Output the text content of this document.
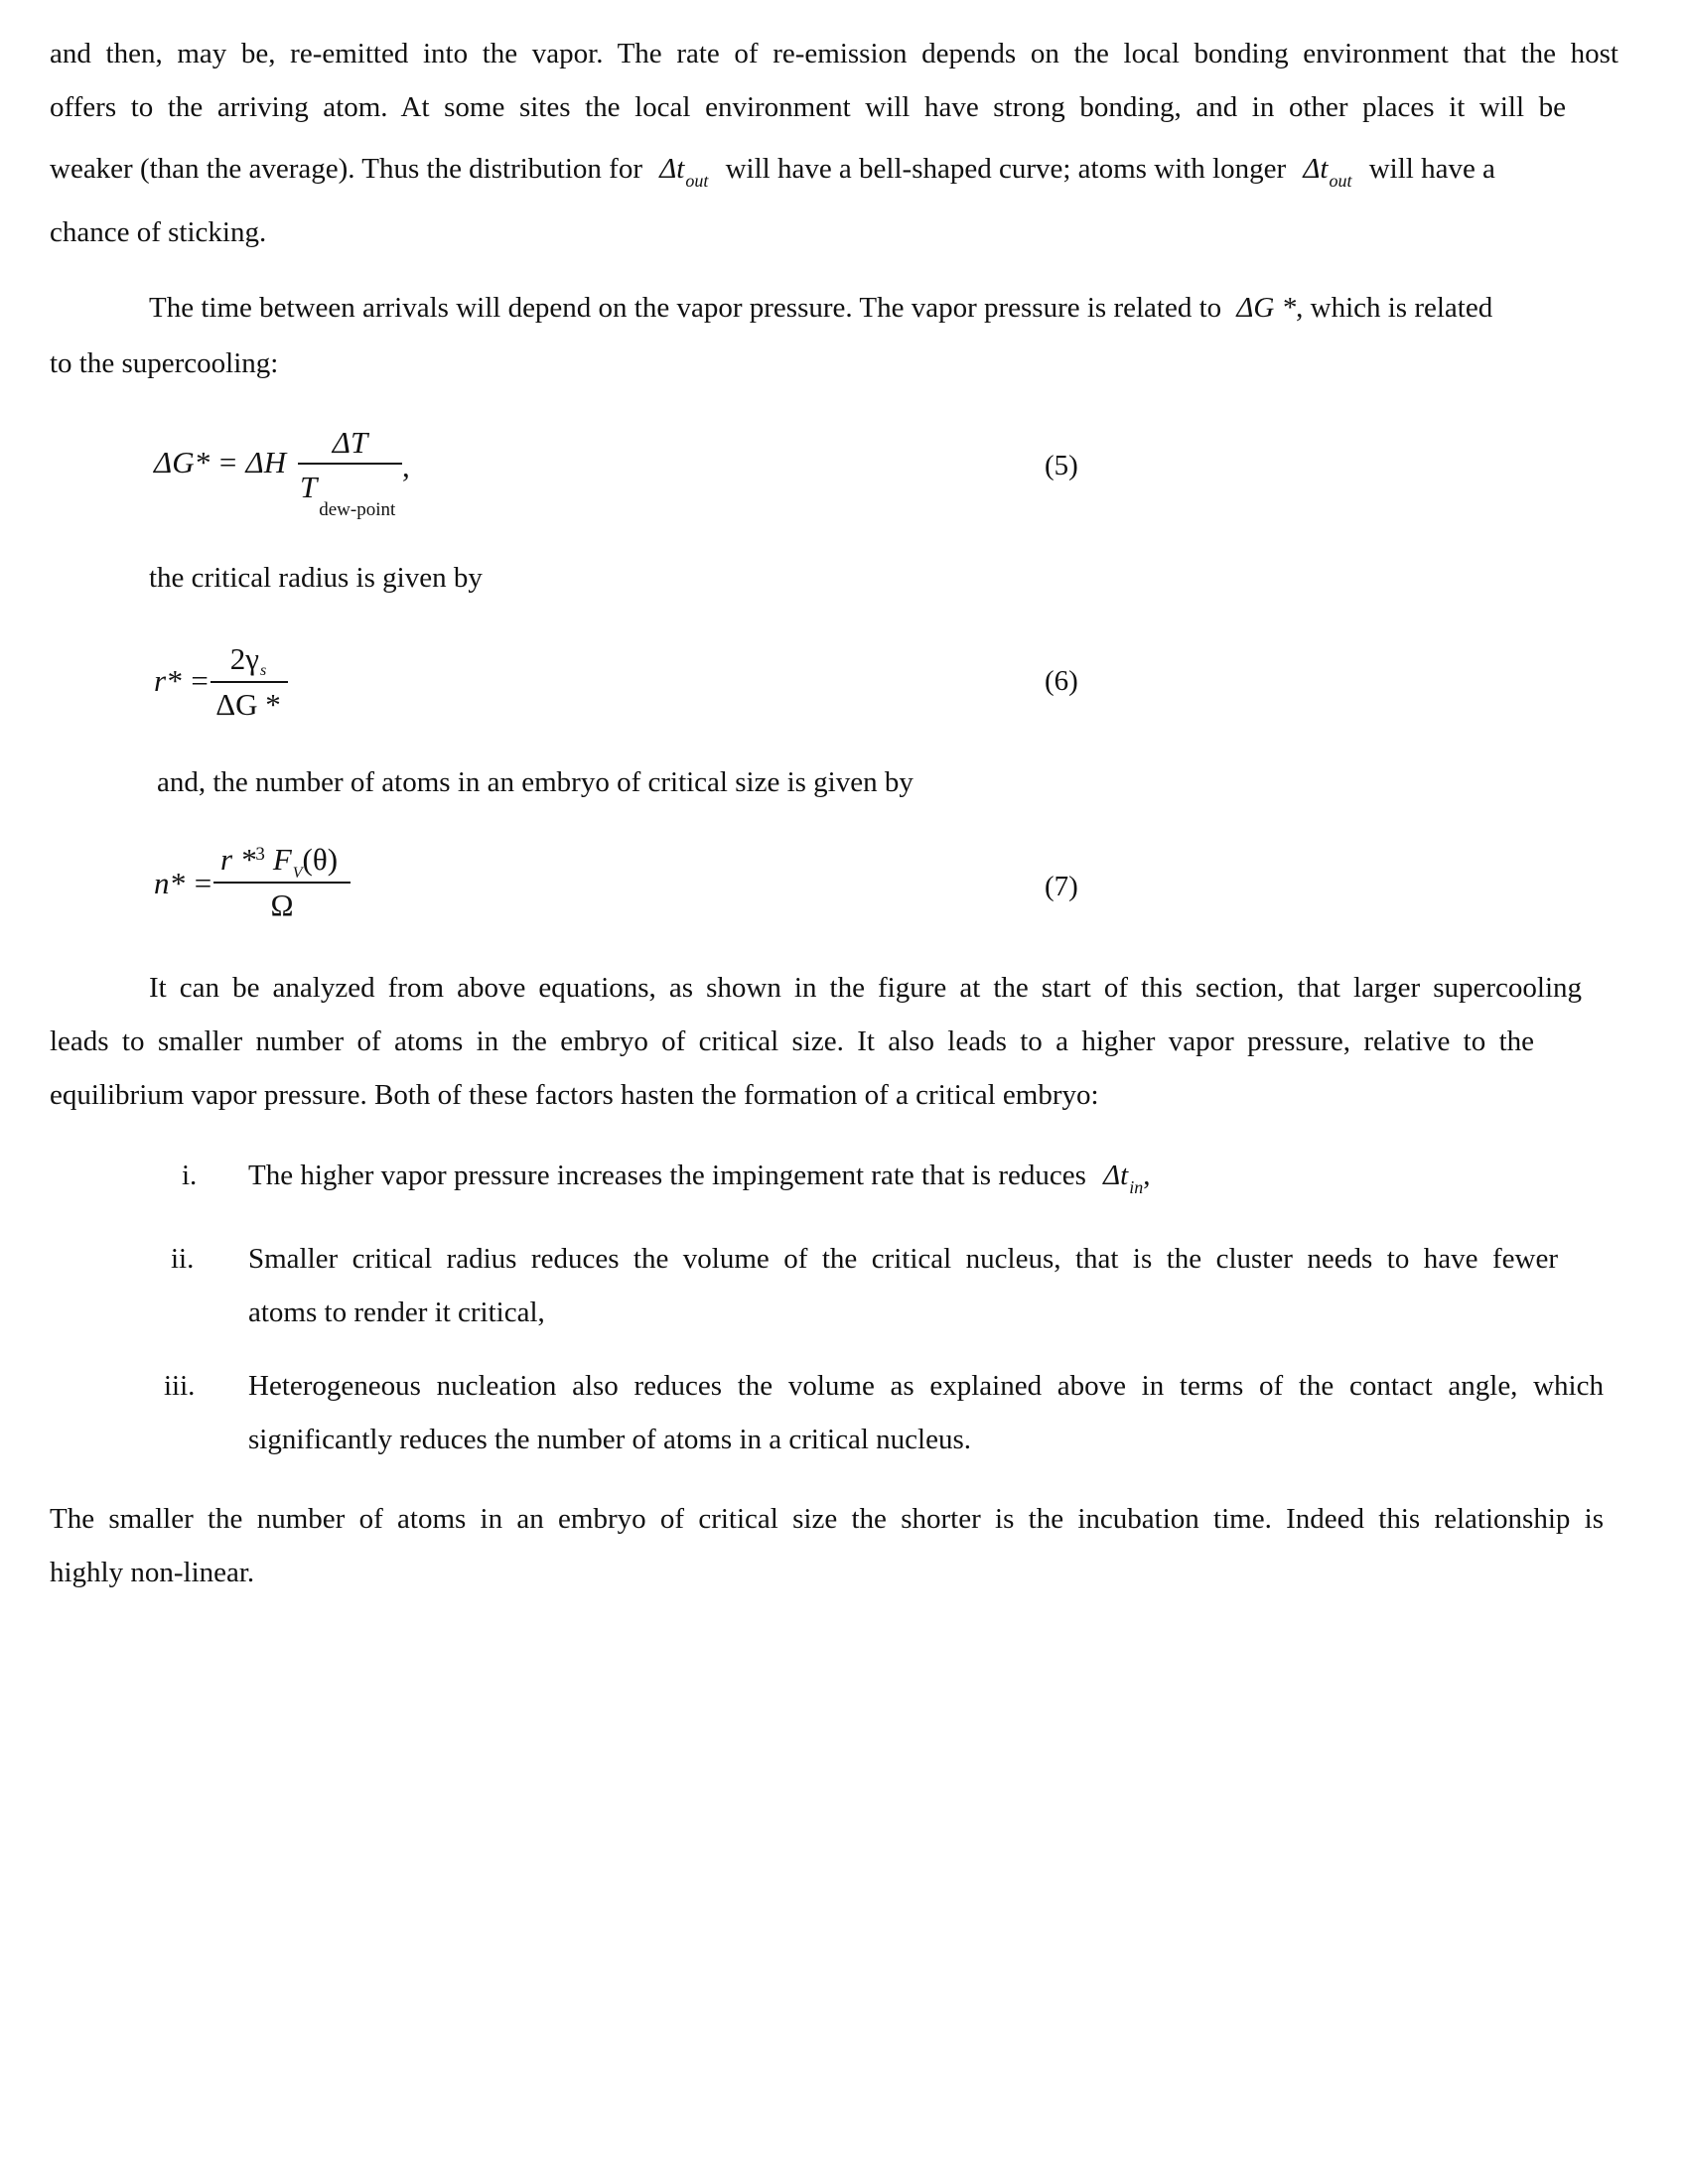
and then, may be, re-emitted into the vapor. The rate of re-emission depends on the local bonding environment that the host
offers to the arriving atom. At some sites the local environment will have strong bonding, and in other places it will be
weaker (than the average). Thus the distribution for $\Delta t_{out}$ will have a bell-shaped curve; atoms with longer $\Delta t_{out}$ will have a
chance of sticking.
The time between arrivals will depend on the vapor pressure. The vapor pressure is related to ΔG *, which is related
to the supercooling:
ΔG* = ΔH
ΔT
$T_{dew-point}$
,	(5)
the critical radius is given by
r* =
2γs
ΔG *
(6)
and, the number of atoms in an embryo of critical size is given by
n* =
r *$^3$ $F_V(\theta)$
Ω
(7)
It can be analyzed from above equations, as shown in the figure at the start of this section, that larger supercooling
leads to smaller number of atoms in the embryo of critical size. It also leads to a higher vapor pressure, relative to the
equilibrium vapor pressure. Both of these factors hasten the formation of a critical embryo:
i. The higher vapor pressure increases the impingement rate that is reduces $\Delta t_{in}$,
ii. Smaller critical radius reduces the volume of the critical nucleus, that is the cluster needs to have fewer
atoms to render it critical,
iii. Heterogeneous nucleation also reduces the volume as explained above in terms of the contact angle, which
significantly reduces the number of atoms in a critical nucleus.
The smaller the number of atoms in an embryo of critical size the shorter is the incubation time. Indeed this relationship is
highly non-linear.
